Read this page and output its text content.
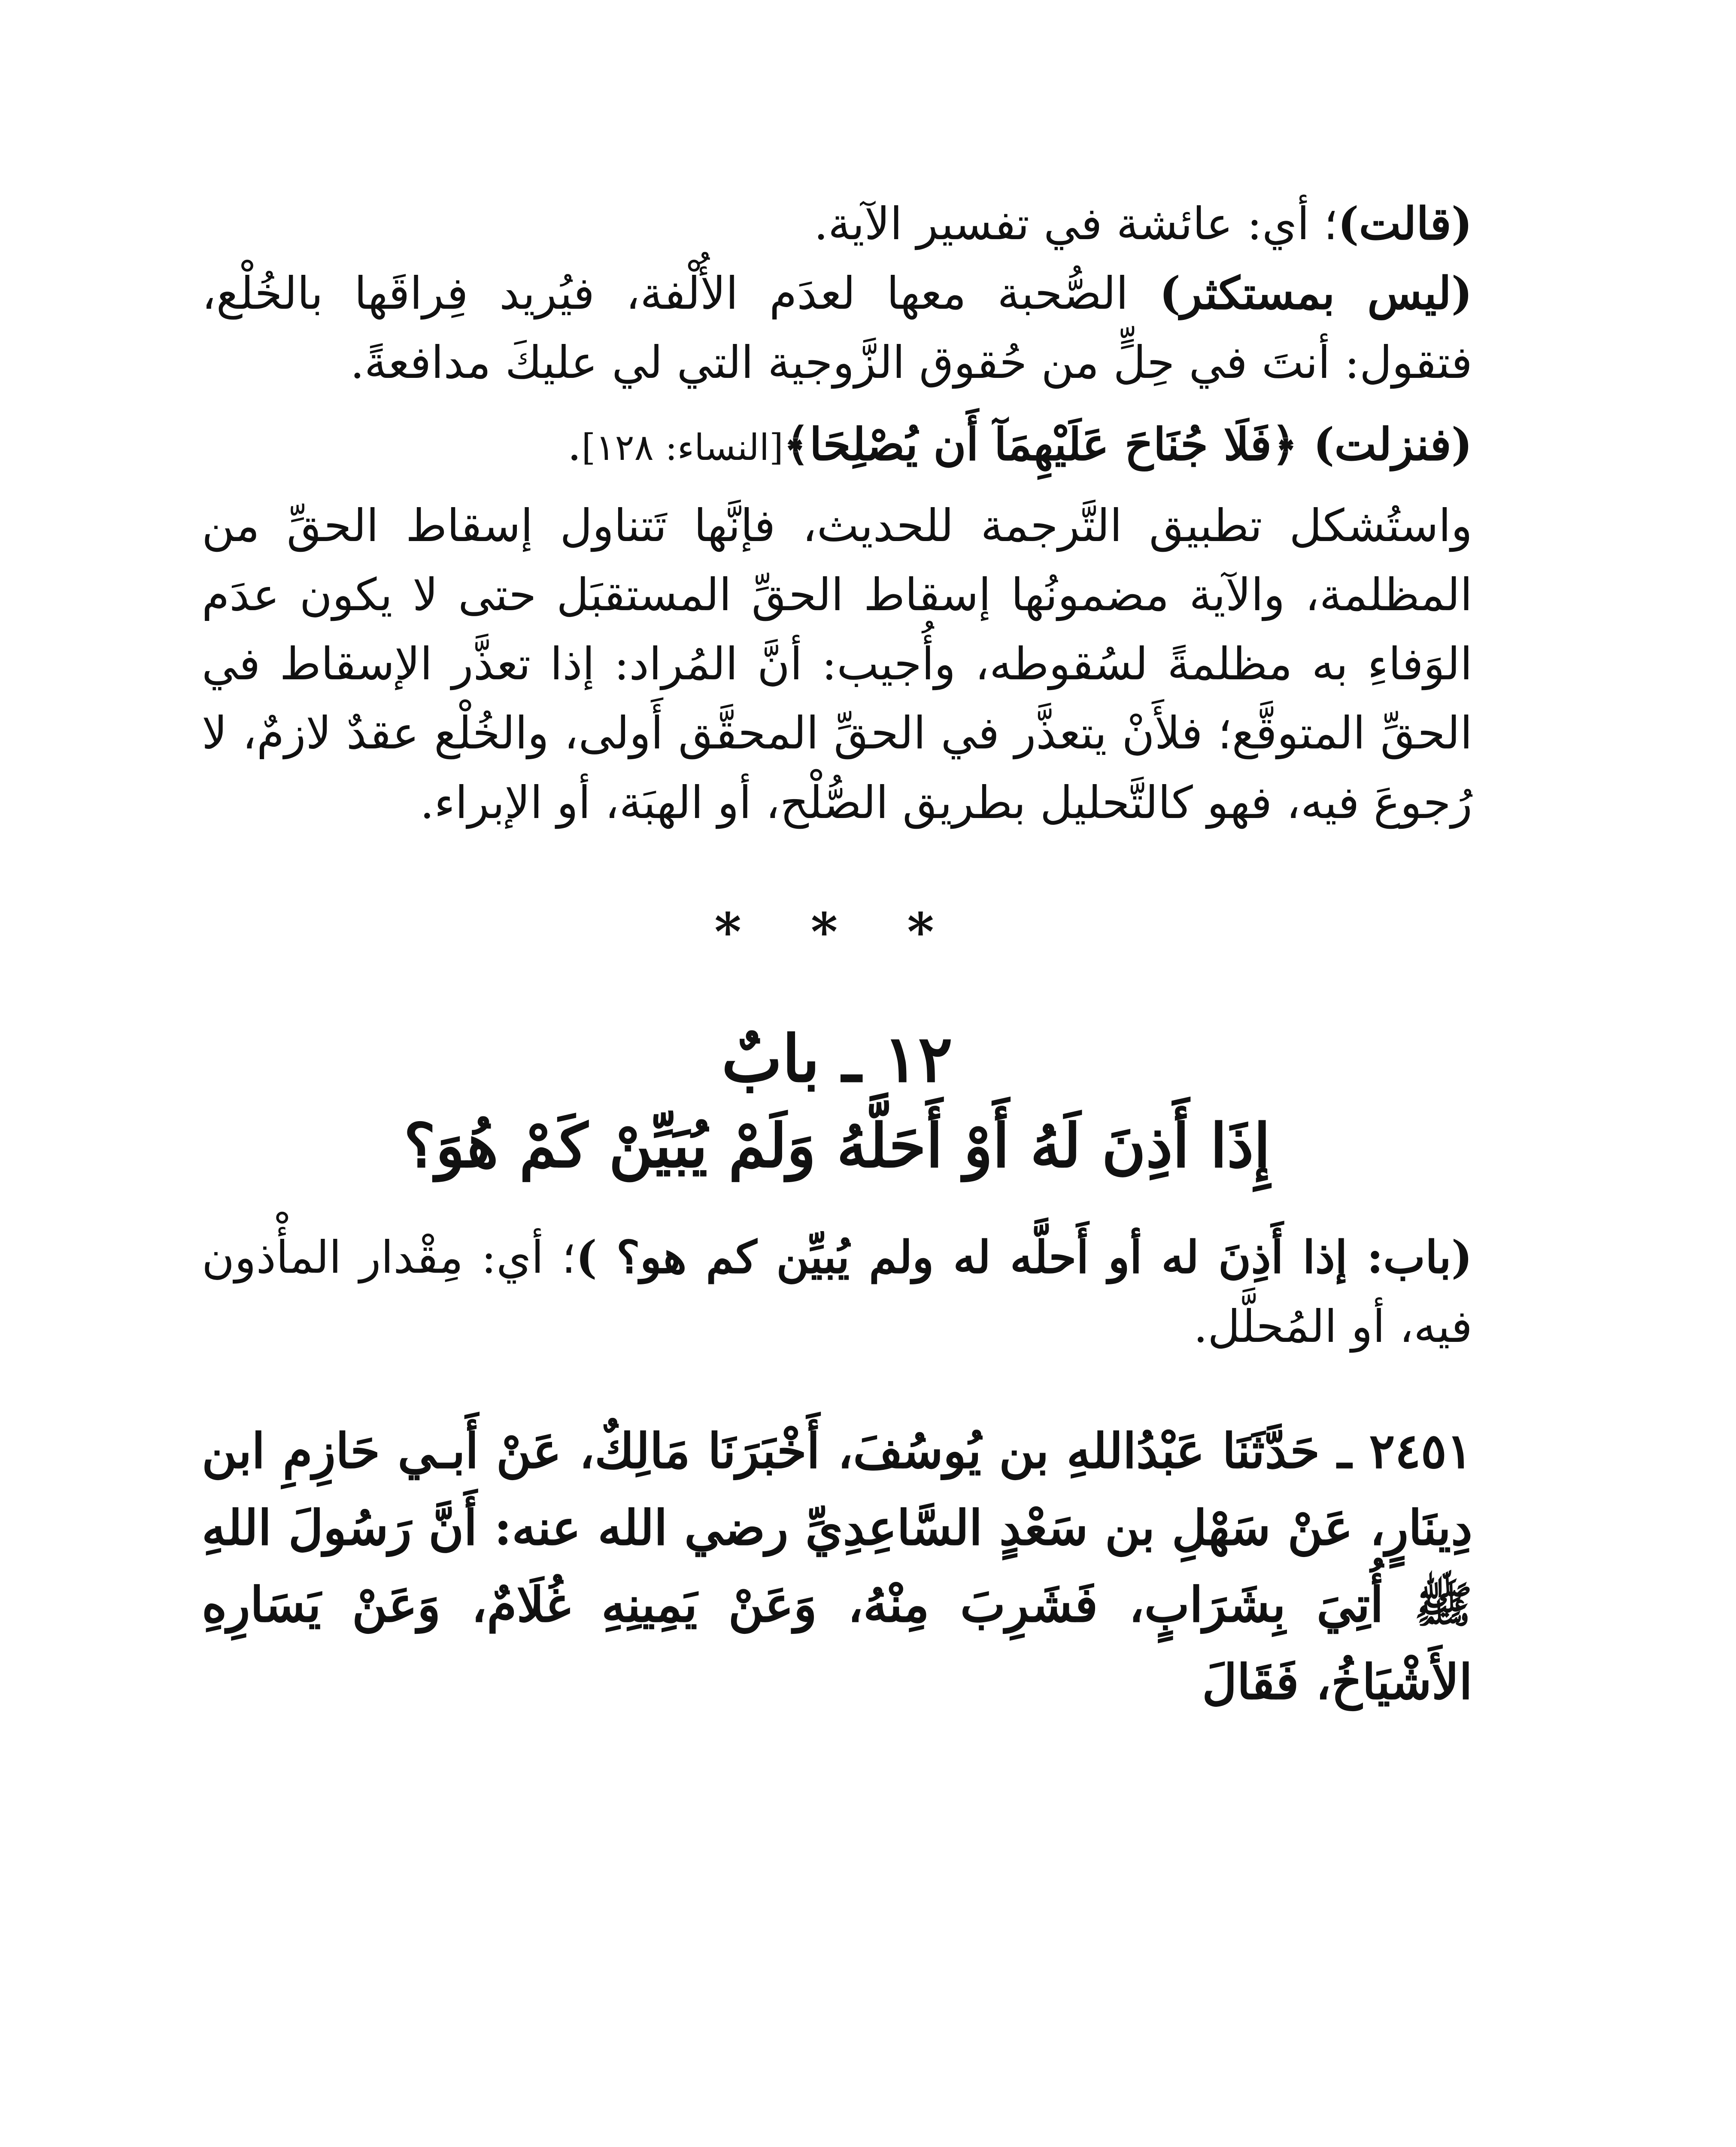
(قالت)؛ أي: عائشة في تفسير الآية.

(ليس بمستكثر) الصُّحبة معها لعدَم الأُلْفة، فيُريد فِراقَها بالخُلْع، فتقول: أنتَ في حِلٍّ من حُقوق الزَّوجية التي لي عليكَ مدافعةً.

(فنزلت) ﴿فَلَا جُنَاحَ عَلَيْهِمَآ أَن يُصْلِحَا﴾[النساء: ١٢٨].

واستُشكل تطبيق التَّرجمة للحديث، فإنَّها تَتناول إسقاط الحقِّ من المظلمة، والآية مضمونُها إسقاط الحقِّ المستقبَل حتى لا يكون عدَم الوَفاءِ به مظلمةً لسُقوطه، وأُجيب: أنَّ المُراد: إذا تعذَّر الإسقاط في الحقِّ المتوقَّع؛ فلأَنْ يتعذَّر في الحقِّ المحقَّق أَولى، والخُلْع عقدٌ لازمٌ، لا رُجوعَ فيه، فهو كالتَّحليل بطريق الصُّلْح، أو الهبَة، أو الإبراء.

* * *
١٢ ـ بابٌ
إِذَا أَذِنَ لَهُ أَوْ أَحَلَّهُ وَلَمْ يُبَيِّنْ كَمْ هُوَ؟

(باب: إذا أَذِنَ له أو أَحلَّه له ولم يُبيِّن كم هو؟ )؛ أي: مِقْدار المأْذون فيه، أو المُحلَّل.

٢٤٥١ ـ حَدَّثَنَا عَبْدُاللهِ بن يُوسُفَ، أَخْبَرَنَا مَالِكٌ، عَنْ أَبـي حَازِمِ ابن دِينَارٍ، عَنْ سَهْلِ بن سَعْدٍ السَّاعِدِيِّ رضي الله عنه: أَنَّ رَسُولَ اللهِ ﷺ أُتِيَ بِشَرَابٍ، فَشَرِبَ مِنْهُ، وَعَنْ يَمِينِهِ غُلَامٌ، وَعَنْ يَسَارِهِ الأَشْيَاخُ، فَقَالَ
